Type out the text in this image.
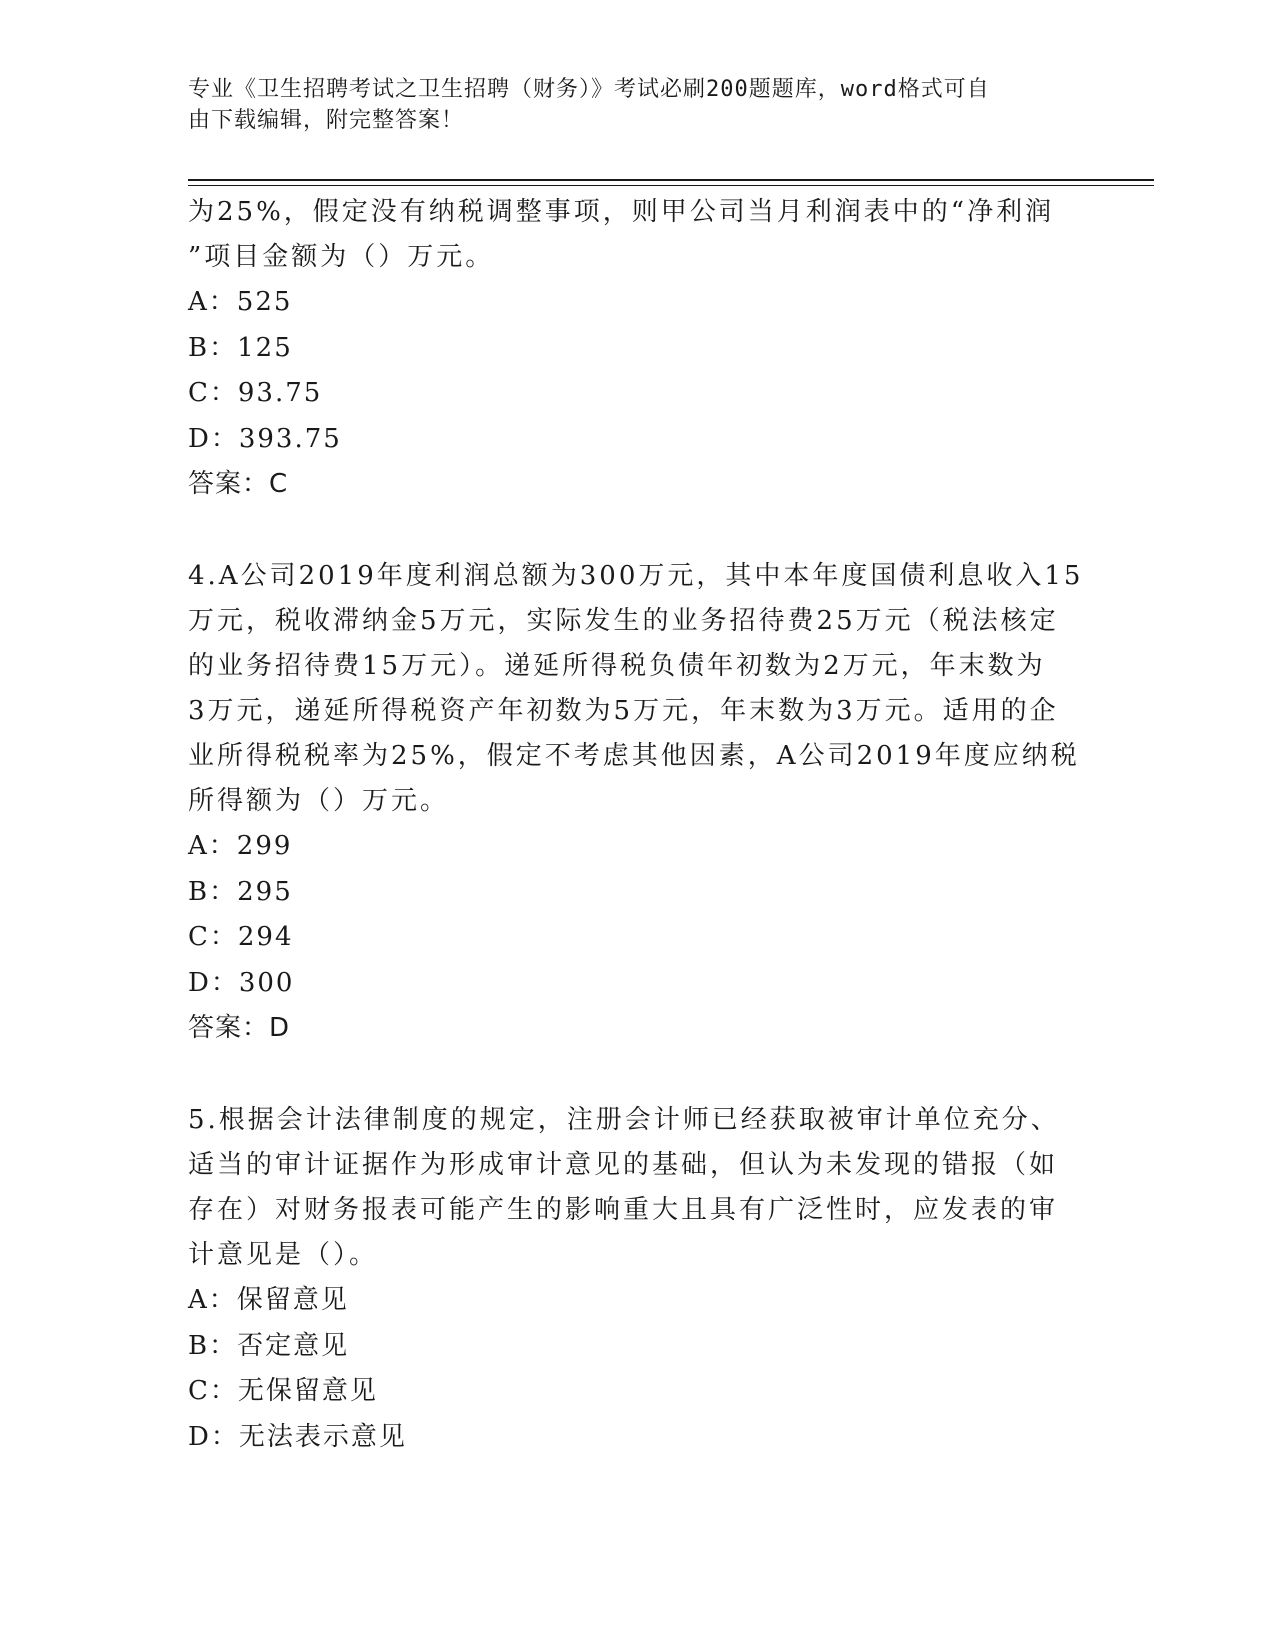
专业《卫生招聘考试之卫生招聘（财务）》考试必刷200题题库，word格式可自
由下载编辑，附完整答案！

为25%，假定没有纳税调整事项，则甲公司当月利润表中的“净利润

”项目金额为（）万元。

A：525

B：125

C：93.75

D：393.75

答案：C

4.A公司2019年度利润总额为300万元，其中本年度国债利息收入15

万元，税收滞纳金5万元，实际发生的业务招待费25万元（税法核定

的业务招待费15万元）。递延所得税负债年初数为2万元，年末数为

3万元，递延所得税资产年初数为5万元，年末数为3万元。适用的企

业所得税税率为25%，假定不考虑其他因素，A公司2019年度应纳税

所得额为（）万元。

A：299

B：295

C：294

D：300

答案：D

5.根据会计法律制度的规定，注册会计师已经获取被审计单位充分、

适当的审计证据作为形成审计意见的基础，但认为未发现的错报（如

存在）对财务报表可能产生的影响重大且具有广泛性时，应发表的审

计意见是（）。

A：保留意见

B：否定意见

C：无保留意见

D：无法表示意见
